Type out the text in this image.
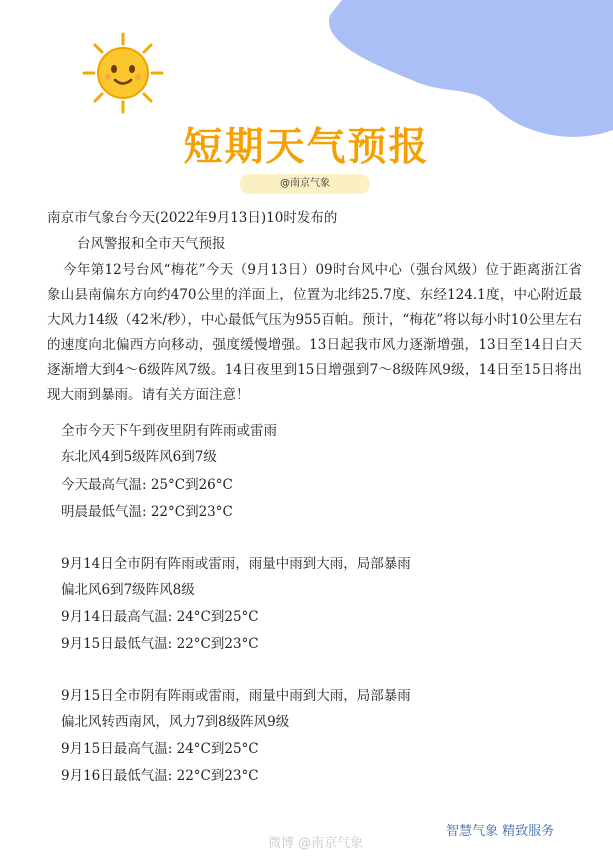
短期天气预报
@南京气象
南京市气象台今天(2022年9月13日)10时发布的
台风警报和全市天气预报
今年第12号台风“梅花”今天（9月13日）09时台风中心（强台风级）位于距离浙江省象山县南偏东方向约470公里的洋面上，位置为北纬25.7度、东经124.1度，中心附近最大风力14级（42米/秒），中心最低气压为955百帕。预计，“梅花”将以每小时10公里左右的速度向北偏西方向移动，强度缓慢增强。13日起我市风力逐渐增强，13日至14日白天逐渐增大到4～6级阵风7级。14日夜里到15日增强到7～8级阵风9级，14日至15日将出现大雨到暴雨。请有关方面注意！
全市今天下午到夜里阴有阵雨或雷雨
东北风4到5级阵风6到7级
今天最高气温: 25°C到26°C
明晨最低气温: 22°C到23°C
9月14日全市阴有阵雨或雷雨，雨量中雨到大雨，局部暴雨
偏北风6到7级阵风8级
9月14日最高气温: 24°C到25°C
9月15日最低气温: 22°C到23°C
9月15日全市阴有阵雨或雷雨，雨量中雨到大雨，局部暴雨
偏北风转西南风，风力7到8级阵风9级
9月15日最高气温: 24°C到25°C
9月16日最低气温: 22°C到23°C
微博 @南京气象
智慧气象 精致服务
